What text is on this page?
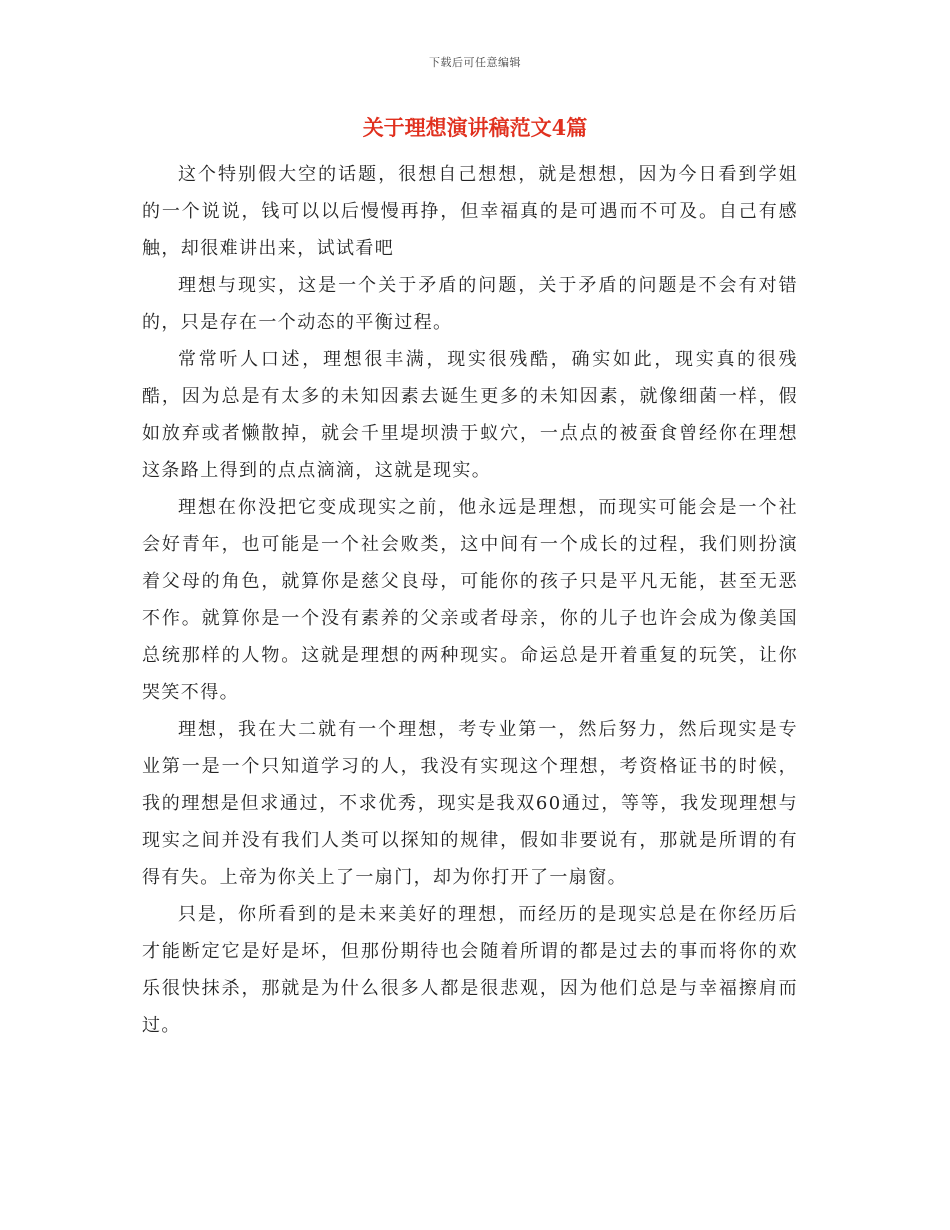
下载后可任意编辑
关于理想演讲稿范文4篇

这个特别假大空的话题，很想自己想想，就是想想，因为今日看到学姐的一个说说，钱可以以后慢慢再挣，但幸福真的是可遇而不可及。自己有感触，却很难讲出来，试试看吧

理想与现实，这是一个关于矛盾的问题，关于矛盾的问题是不会有对错的，只是存在一个动态的平衡过程。

常常听人口述，理想很丰满，现实很残酷，确实如此，现实真的很残酷，因为总是有太多的未知因素去诞生更多的未知因素，就像细菌一样，假如放弃或者懒散掉，就会千里堤坝溃于蚁穴，一点点的被蚕食曾经你在理想这条路上得到的点点滴滴，这就是现实。

理想在你没把它变成现实之前，他永远是理想，而现实可能会是一个社会好青年，也可能是一个社会败类，这中间有一个成长的过程，我们则扮演着父母的角色，就算你是慈父良母，可能你的孩子只是平凡无能，甚至无恶不作。就算你是一个没有素养的父亲或者母亲，你的儿子也许会成为像美国总统那样的人物。这就是理想的两种现实。命运总是开着重复的玩笑，让你哭笑不得。

理想，我在大二就有一个理想，考专业第一，然后努力，然后现实是专业第一是一个只知道学习的人，我没有实现这个理想，考资格证书的时候，我的理想是但求通过，不求优秀，现实是我双60通过，等等，我发现理想与现实之间并没有我们人类可以探知的规律，假如非要说有，那就是所谓的有得有失。上帝为你关上了一扇门，却为你打开了一扇窗。

只是，你所看到的是未来美好的理想，而经历的是现实总是在你经历后才能断定它是好是坏，但那份期待也会随着所谓的都是过去的事而将你的欢乐很快抹杀，那就是为什么很多人都是很悲观，因为他们总是与幸福擦肩而过。
